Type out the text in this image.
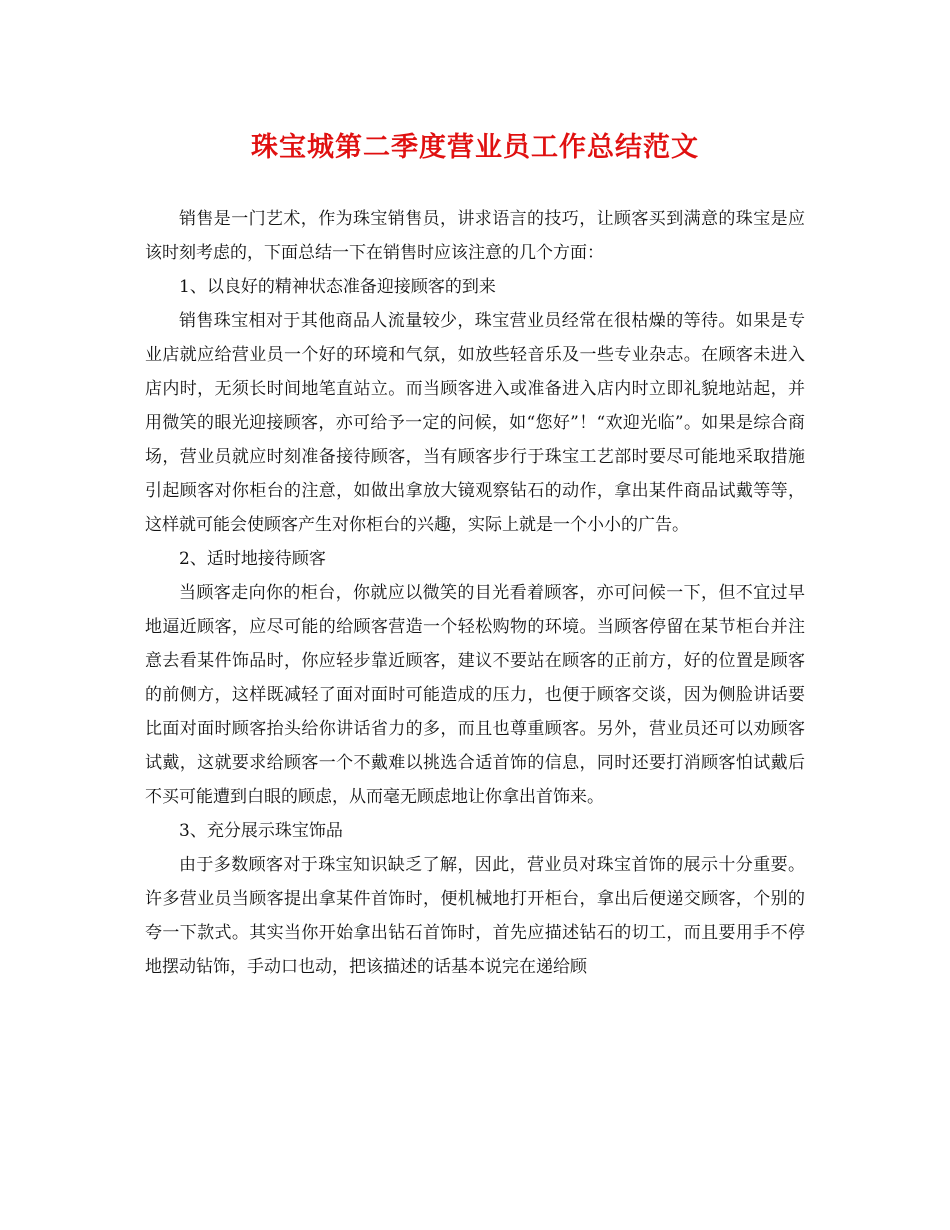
珠宝城第二季度营业员工作总结范文

销售是一门艺术，作为珠宝销售员，讲求语言的技巧，让顾客买到满意的珠宝是应该时刻考虑的，下面总结一下在销售时应该注意的几个方面：

1、以良好的精神状态准备迎接顾客的到来

销售珠宝相对于其他商品人流量较少，珠宝营业员经常在很枯燥的等待。如果是专业店就应给营业员一个好的环境和气氛，如放些轻音乐及一些专业杂志。在顾客未进入店内时，无须长时间地笔直站立。而当顾客进入或准备进入店内时立即礼貌地站起，并用微笑的眼光迎接顾客，亦可给予一定的问候，如“您好”！“欢迎光临”。如果是综合商场，营业员就应时刻准备接待顾客，当有顾客步行于珠宝工艺部时要尽可能地采取措施引起顾客对你柜台的注意，如做出拿放大镜观察钻石的动作，拿出某件商品试戴等等，这样就可能会使顾客产生对你柜台的兴趣，实际上就是一个小小的广告。

2、适时地接待顾客

当顾客走向你的柜台，你就应以微笑的目光看着顾客，亦可问候一下，但不宜过早地逼近顾客，应尽可能的给顾客营造一个轻松购物的环境。当顾客停留在某节柜台并注意去看某件饰品时，你应轻步靠近顾客，建议不要站在顾客的正前方，好的位置是顾客的前侧方，这样既减轻了面对面时可能造成的压力，也便于顾客交谈，因为侧脸讲话要比面对面时顾客抬头给你讲话省力的多，而且也尊重顾客。另外，营业员还可以劝顾客试戴，这就要求给顾客一个不戴难以挑选合适首饰的信息，同时还要打消顾客怕试戴后不买可能遭到白眼的顾虑，从而毫无顾虑地让你拿出首饰来。

3、充分展示珠宝饰品

由于多数顾客对于珠宝知识缺乏了解，因此，营业员对珠宝首饰的展示十分重要。许多营业员当顾客提出拿某件首饰时，便机械地打开柜台，拿出后便递交顾客，个别的夸一下款式。其实当你开始拿出钻石首饰时，首先应描述钻石的切工，而且要用手不停地摆动钻饰，手动口也动，把该描述的话基本说完在递给顾
